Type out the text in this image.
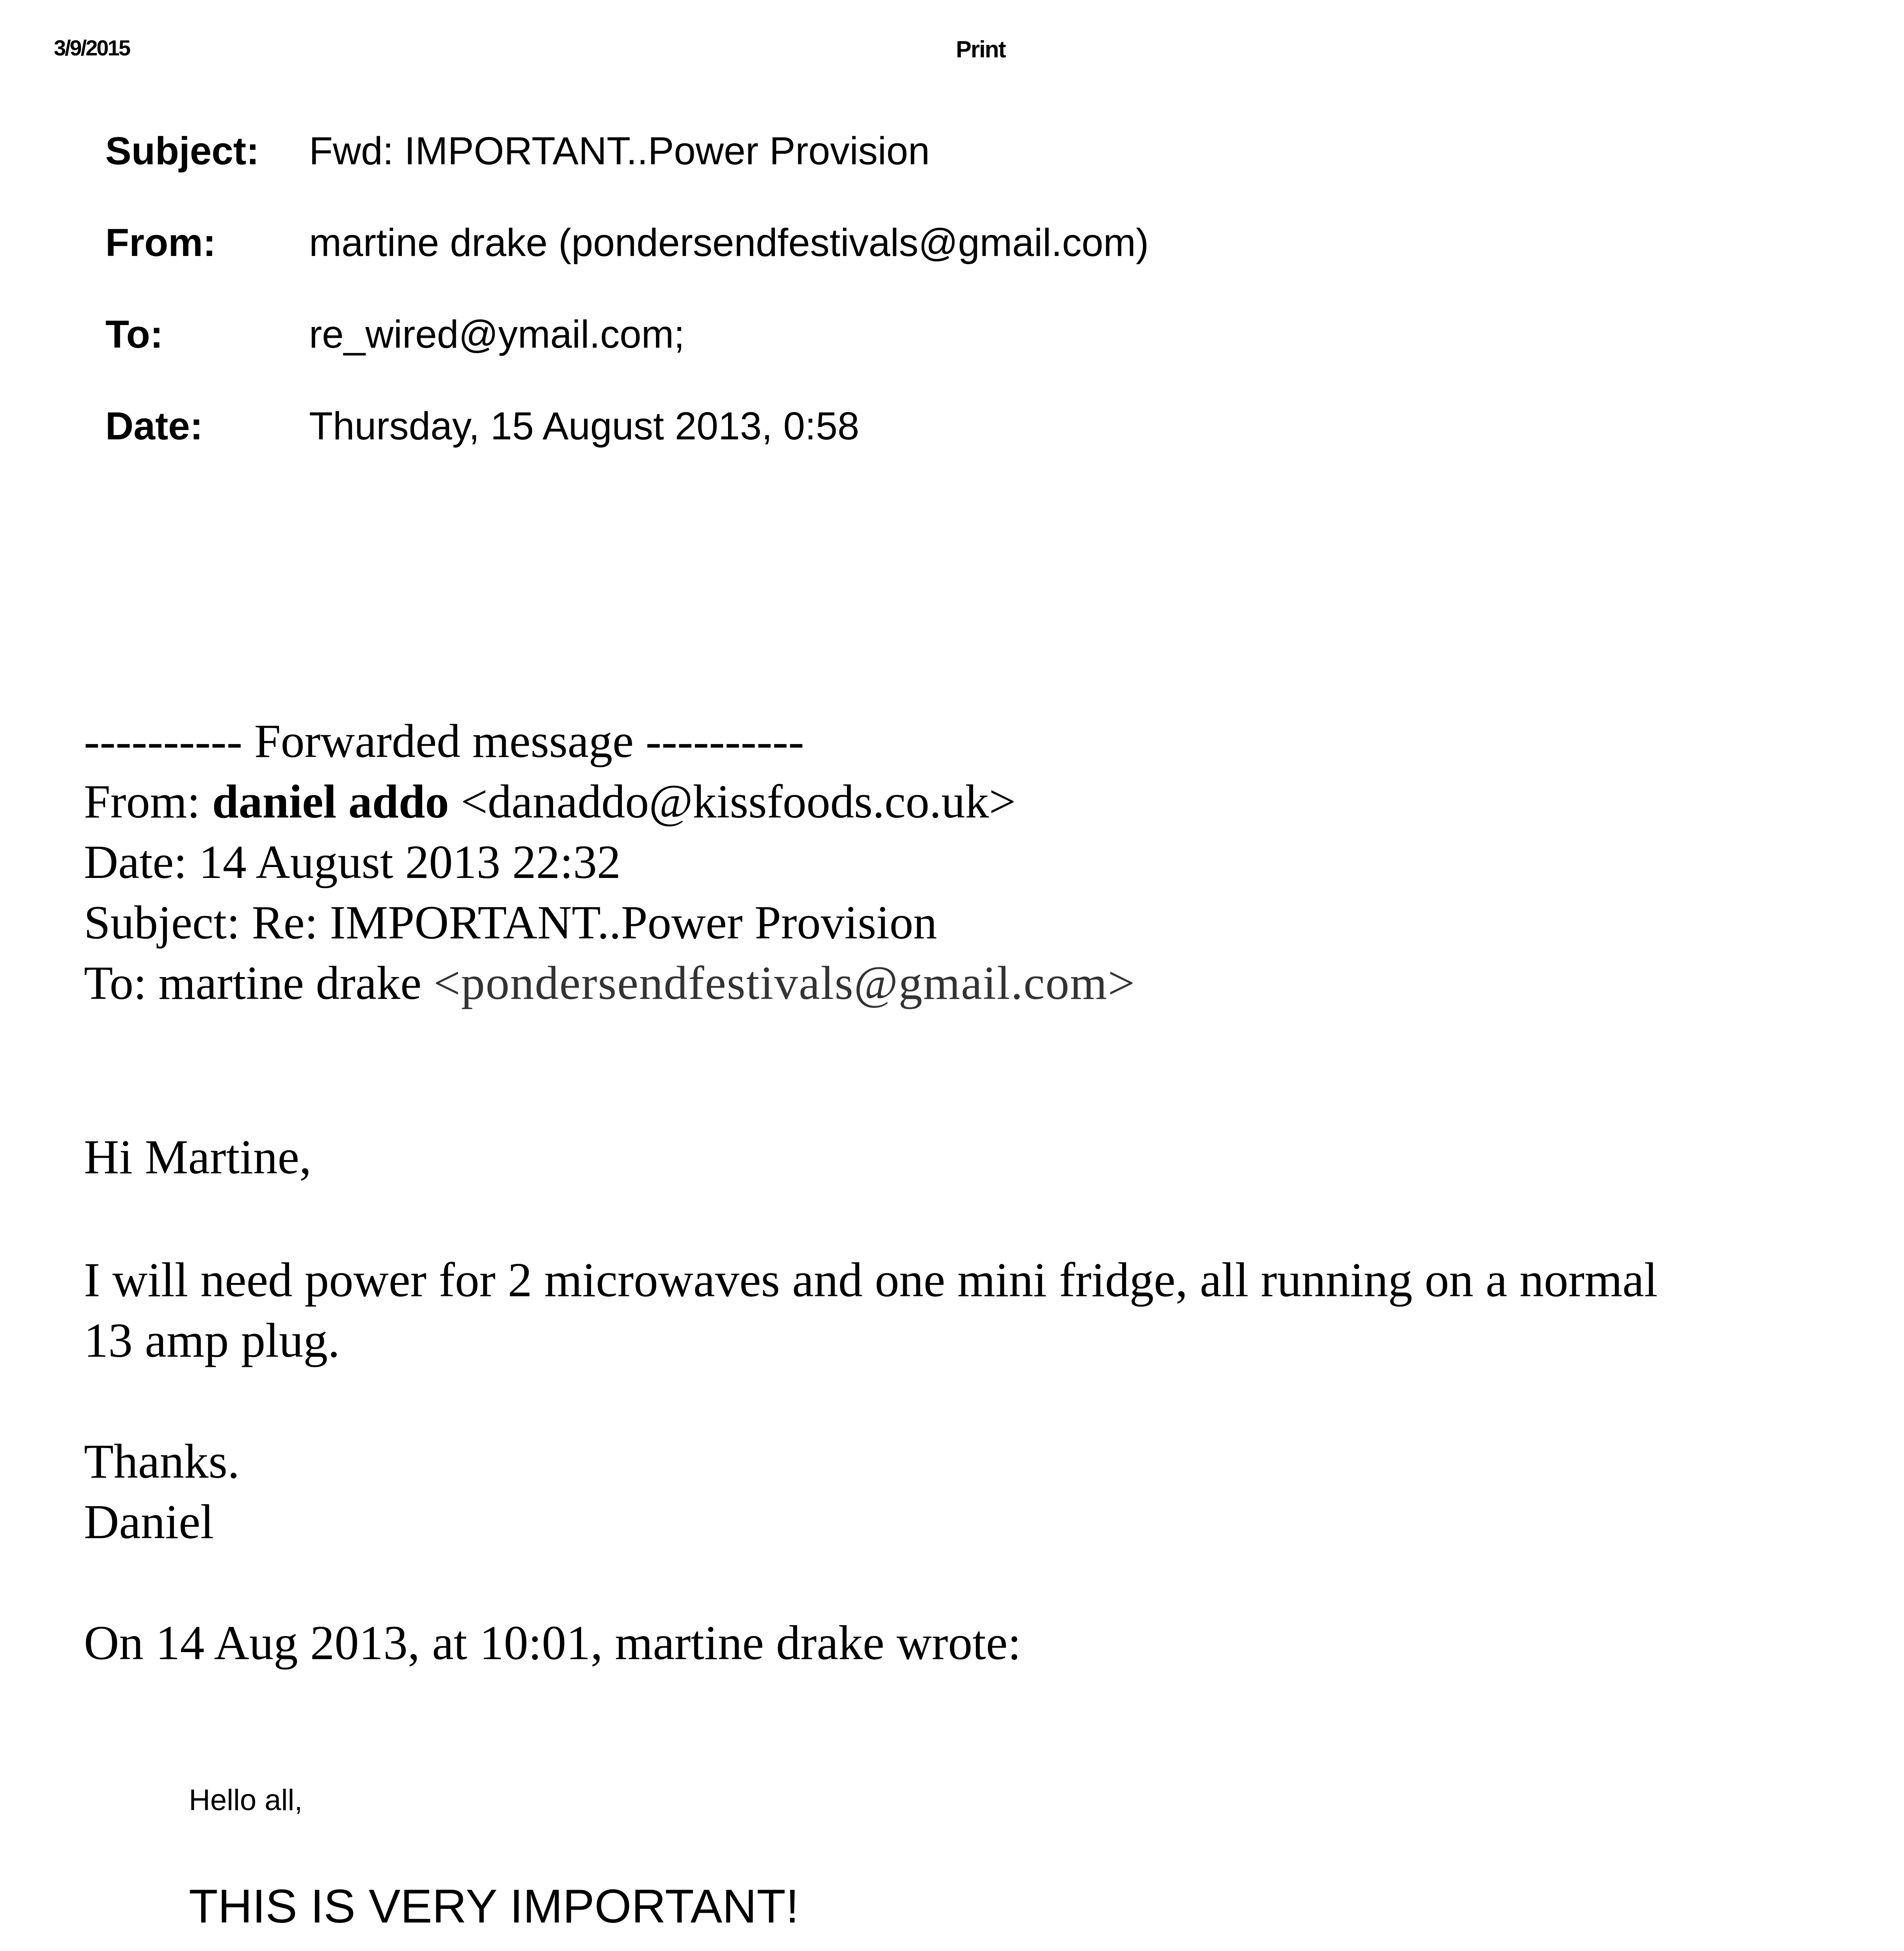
3/9/2015	Print
Subject: Fwd: IMPORTANT..Power Provision
From: martine drake (pondersendfestivals@gmail.com)
To:	re_wired@ymail.com;
Date:	Thursday, 15 August 2013, 0:58
---------- Forwarded message ----------
From: daniel addo <danaddo@kissfoods.co.uk>
Date: 14 August 2013 22:32
Subject: Re: IMPORTANT..Power Provision
To: martine drake <pondersendfestivals@gmail.com>
Hi Martine,
I will need power for 2 microwaves and one mini fridge, all running on a normal
13 amp plug.
Thanks.
Daniel
On 14 Aug 2013, at 10:01, martine drake wrote:
Hello all,
THIS IS VERY IMPORTANT!
